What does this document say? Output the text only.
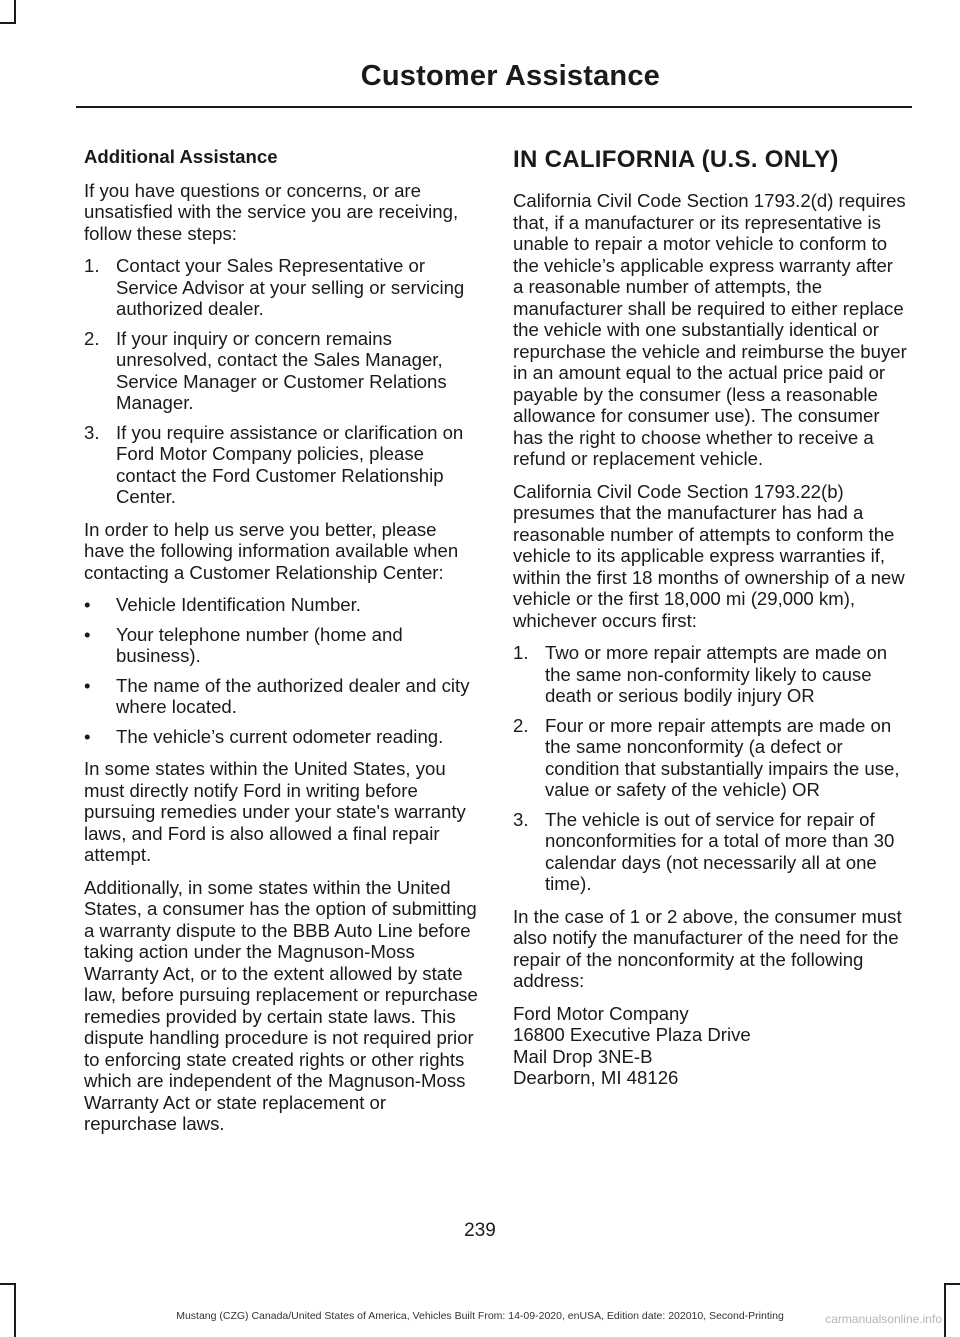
Customer Assistance
Additional Assistance

If you have questions or concerns, or are unsatisfied with the service you are receiving, follow these steps:

1. Contact your Sales Representative or Service Advisor at your selling or servicing authorized dealer.
2. If your inquiry or concern remains unresolved, contact the Sales Manager, Service Manager or Customer Relations Manager.
3. If you require assistance or clarification on Ford Motor Company policies, please contact the Ford Customer Relationship Center.

In order to help us serve you better, please have the following information available when contacting a Customer Relationship Center:

• Vehicle Identification Number.
• Your telephone number (home and business).
• The name of the authorized dealer and city where located.
• The vehicle’s current odometer reading.

In some states within the United States, you must directly notify Ford in writing before pursuing remedies under your state's warranty laws, and Ford is also allowed a final repair attempt.

Additionally, in some states within the United States, a consumer has the option of submitting a warranty dispute to the BBB Auto Line before taking action under the Magnuson-Moss Warranty Act, or to the extent allowed by state law, before pursuing replacement or repurchase remedies provided by certain state laws. This dispute handling procedure is not required prior to enforcing state created rights or other rights which are independent of the Magnuson-Moss Warranty Act or state replacement or repurchase laws.

IN CALIFORNIA (U.S. ONLY)

California Civil Code Section 1793.2(d) requires that, if a manufacturer or its representative is unable to repair a motor vehicle to conform to the vehicle’s applicable express warranty after a reasonable number of attempts, the manufacturer shall be required to either replace the vehicle with one substantially identical or repurchase the vehicle and reimburse the buyer in an amount equal to the actual price paid or payable by the consumer (less a reasonable allowance for consumer use). The consumer has the right to choose whether to receive a refund or replacement vehicle.

California Civil Code Section 1793.22(b) presumes that the manufacturer has had a reasonable number of attempts to conform the vehicle to its applicable express warranties if, within the first 18 months of ownership of a new vehicle or the first 18,000 mi (29,000 km), whichever occurs first:

1. Two or more repair attempts are made on the same non-conformity likely to cause death or serious bodily injury OR
2. Four or more repair attempts are made on the same nonconformity (a defect or condition that substantially impairs the use, value or safety of the vehicle) OR
3. The vehicle is out of service for repair of nonconformities for a total of more than 30 calendar days (not necessarily all at one time).

In the case of 1 or 2 above, the consumer must also notify the manufacturer of the need for the repair of the nonconformity at the following address:

Ford Motor Company
16800 Executive Plaza Drive
Mail Drop 3NE-B
Dearborn, MI 48126
239
Mustang (CZG) Canada/United States of America, Vehicles Built From: 14-09-2020, enUSA, Edition date: 202010, Second-Printing	carmanualsonline.info
